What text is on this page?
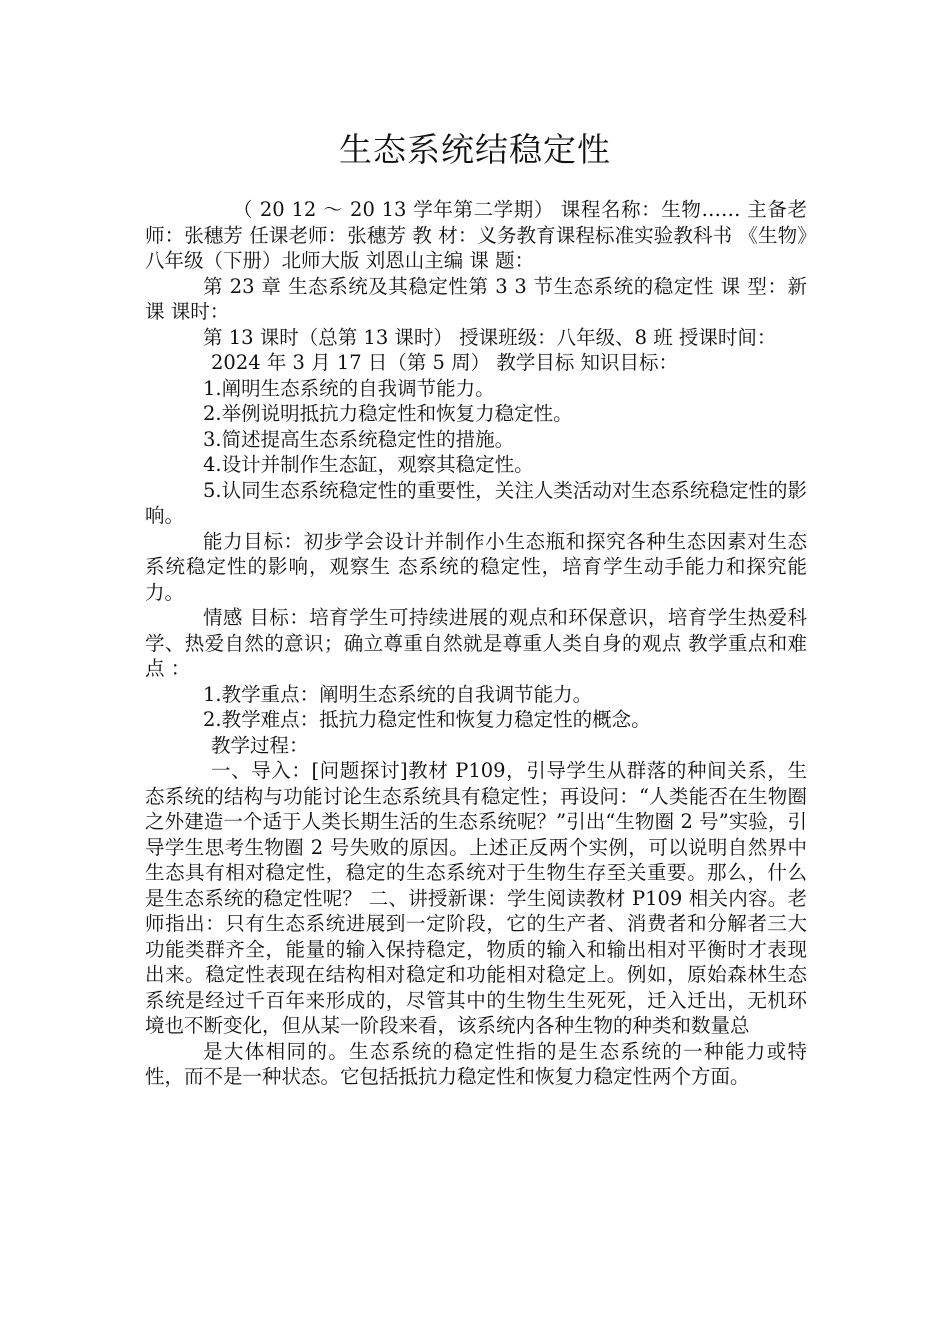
生态系统结稳定性

（ 20 12 ～ 20 13 学年第二学期） 课程名称：生物…… 主备老师：张穗芳 任课老师：张穗芳 教 材：义务教育课程标准实验教科书 《生物》八年级（下册）北师大版 刘恩山主编 课 题：

第 23 章 生态系统及其稳定性第 3 3 节生态系统的稳定性 课 型：新课 课时：

第 13 课时（总第 13 课时） 授课班级：八年级、8 班 授课时间：

2024 年 3 月 17 日（第 5 周） 教学目标 知识目标：

1.阐明生态系统的自我调节能力。

2.举例说明抵抗力稳定性和恢复力稳定性。

3.简述提高生态系统稳定性的措施。

4.设计并制作生态缸，观察其稳定性。

5.认同生态系统稳定性的重要性，关注人类活动对生态系统稳定性的影响。

能力目标：初步学会设计并制作小生态瓶和探究各种生态因素对生态系统稳定性的影响，观察生 态系统的稳定性，培育学生动手能力和探究能力。

情感 目标：培育学生可持续进展的观点和环保意识，培育学生热爱科学、热爱自然的意识；确立尊重自然就是尊重人类自身的观点 教学重点和难点 ：

1.教学重点：阐明生态系统的自我调节能力。

2.教学难点：抵抗力稳定性和恢复力稳定性的概念。

教学过程：

一、导入：[问题探讨]教材 P109，引导学生从群落的种间关系，生态系统的结构与功能讨论生态系统具有稳定性；再设问：“人类能否在生物圈之外建造一个适于人类长期生活的生态系统呢？”引出“生物圈 2 号”实验，引导学生思考生物圈 2 号失败的原因。上述正反两个实例，可以说明自然界中生态具有相对稳定性，稳定的生态系统对于生物生存至关重要。那么，什么是生态系统的稳定性呢？ 二、讲授新课：学生阅读教材 P109 相关内容。老师指出：只有生态系统进展到一定阶段，它的生产者、消费者和分解者三大功能类群齐全，能量的输入保持稳定，物质的输入和输出相对平衡时才表现出来。稳定性表现在结构相对稳定和功能相对稳定上。例如，原始森林生态系统是经过千百年来形成的，尽管其中的生物生生死死，迁入迁出，无机环境也不断变化，但从某一阶段来看，该系统内各种生物的种类和数量总

是大体相同的。生态系统的稳定性指的是生态系统的一种能力或特性，而不是一种状态。它包括抵抗力稳定性和恢复力稳定性两个方面。
